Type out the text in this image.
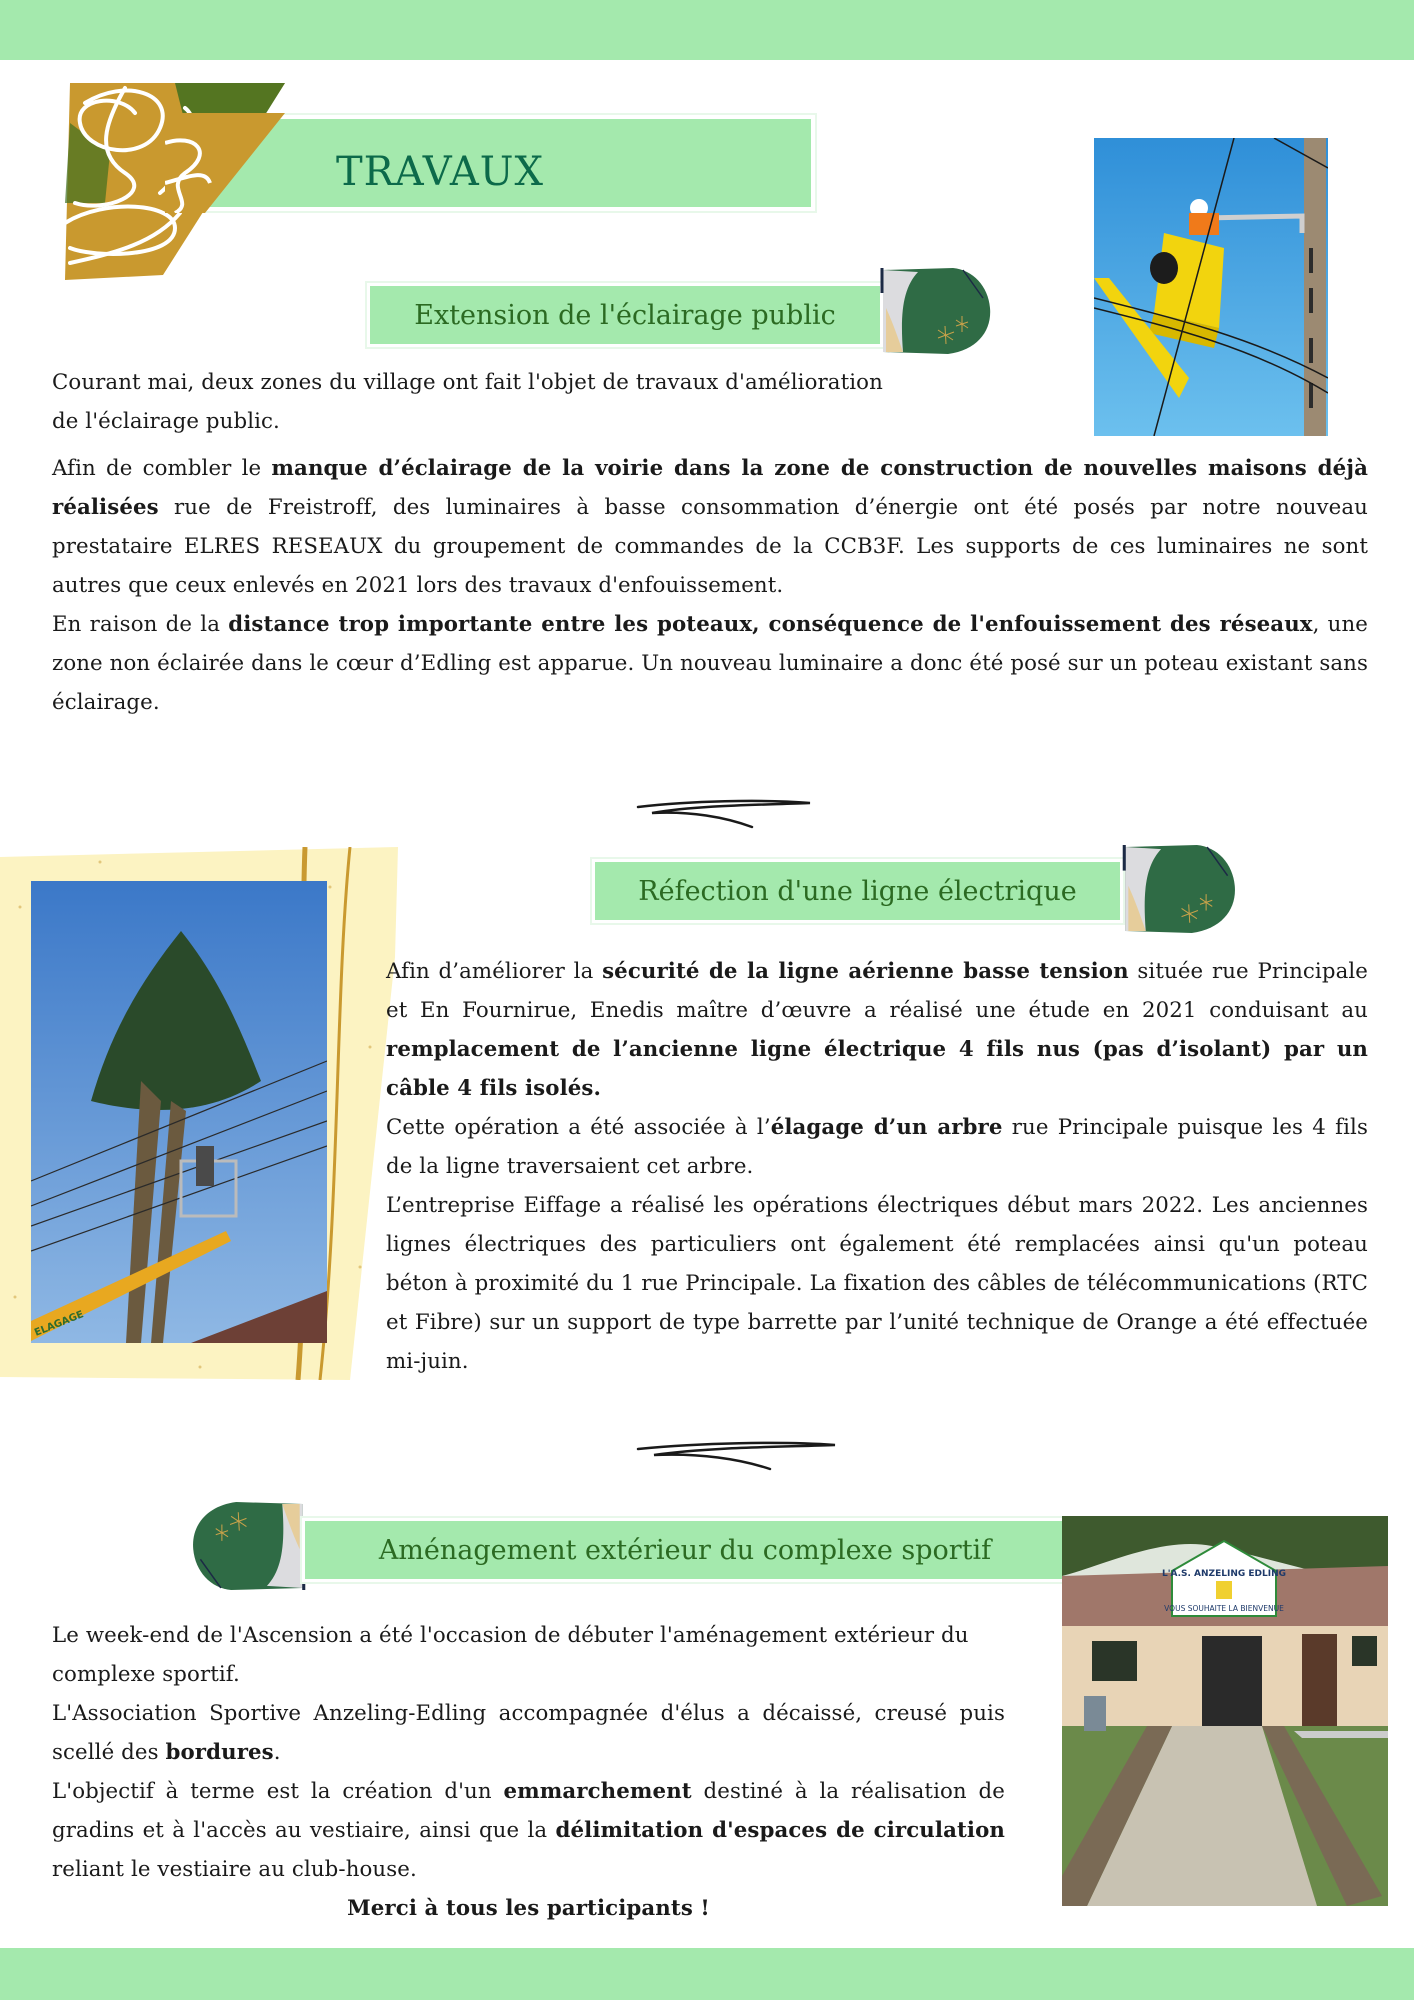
TRAVAUX
Extension de l'éclairage public

Courant mai, deux zones du village ont fait l'objet de travaux d'amélioration

de l'éclairage public.

Afin de combler le manque d’éclairage de la voirie dans la zone de construction de nouvelles maisons déjà réalisées rue de Freistroff, des luminaires à basse consommation d’énergie ont été posés par notre nouveau prestataire ELRES RESEAUX du groupement de commandes de la CCB3F. Les supports de ces luminaires ne sont autres que ceux enlevés en 2021 lors des travaux d'enfouissement.

En raison de la distance trop importante entre les poteaux, conséquence de l'enfouissement des réseaux, une zone non éclairée dans le cœur d’Edling est apparue. Un nouveau luminaire a donc été posé sur un poteau existant sans éclairage.

ELAGAGE
Réfection d'une ligne électrique

Afin d’améliorer la sécurité de la ligne aérienne basse tension située rue Principale et En Fournirue, Enedis maître d’œuvre a réalisé une étude en 2021 conduisant au remplacement de l’ancienne ligne électrique 4 fils nus (pas d’isolant) par un câble 4 fils isolés.

Cette opération a été associée à l’élagage d’un arbre rue Principale puisque les 4 fils de la ligne traversaient cet arbre.

L’entreprise Eiffage a réalisé les opérations électriques début mars 2022. Les anciennes lignes électriques des particuliers ont également été remplacées ainsi qu'un poteau béton à proximité du 1 rue Principale. La fixation des câbles de télécommunications (RTC et Fibre) sur un support de type barrette par l’unité technique de Orange a été effectuée mi-juin.

Aménagement extérieur du complexe sportif
L'A.S. ANZELING EDLING
VOUS SOUHAITE LA BIENVENUE

Le week-end de l'Ascension a été l'occasion de débuter l'aménagement extérieur du complexe sportif.

L'Association Sportive Anzeling-Edling accompagnée d'élus a décaissé, creusé puis scellé des bordures.

L'objectif à terme est la création d'un emmarchement destiné à la réalisation de gradins et à l'accès au vestiaire, ainsi que la délimitation d'espaces de circulation reliant le vestiaire au club-house.

Merci à tous les participants !
